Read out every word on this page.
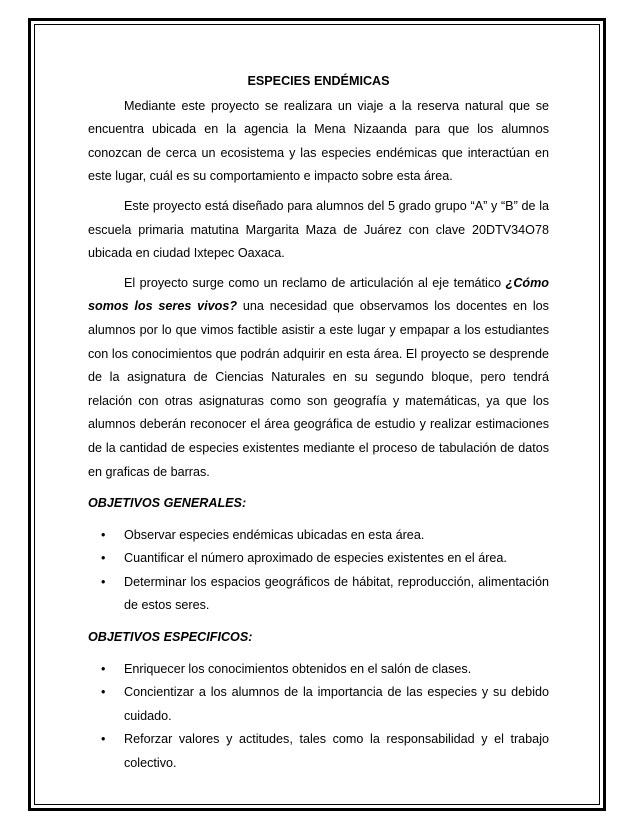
ESPECIES ENDÉMICAS

Mediante este proyecto se realizara un viaje a la reserva natural que se encuentra ubicada en la agencia la Mena Nizaanda para que los alumnos conozcan de cerca un ecosistema y las especies endémicas que interactúan en este lugar, cuál es su comportamiento e impacto sobre esta área.

Este proyecto está diseñado para alumnos del 5 grado grupo “A” y “B” de la escuela primaria matutina Margarita Maza de Juárez con clave 20DTV34O78 ubicada en ciudad Ixtepec Oaxaca.

El proyecto surge como un reclamo de articulación al eje temático ¿Cómo somos los seres vivos? una necesidad que observamos los docentes en los alumnos por lo que vimos factible asistir a este lugar y empapar a los estudiantes con los conocimientos que podrán adquirir en esta área. El proyecto se desprende de la asignatura de Ciencias Naturales en su segundo bloque, pero tendrá relación con otras asignaturas como son geografía y matemáticas, ya que los alumnos deberán reconocer el área geográfica de estudio y realizar estimaciones de la cantidad de especies existentes mediante el proceso de tabulación de datos en graficas de barras.

OBJETIVOS GENERALES:
• Observar especies endémicas ubicadas en esta área.
• Cuantificar el número aproximado de especies existentes en el área.
• Determinar los espacios geográficos de hábitat, reproducción, alimentación de estos seres.
OBJETIVOS ESPECIFICOS:
• Enriquecer los conocimientos obtenidos en el salón de clases.
• Concientizar a los alumnos de la importancia de las especies y su debido cuidado.
• Reforzar valores y actitudes, tales como la responsabilidad y el trabajo colectivo.
